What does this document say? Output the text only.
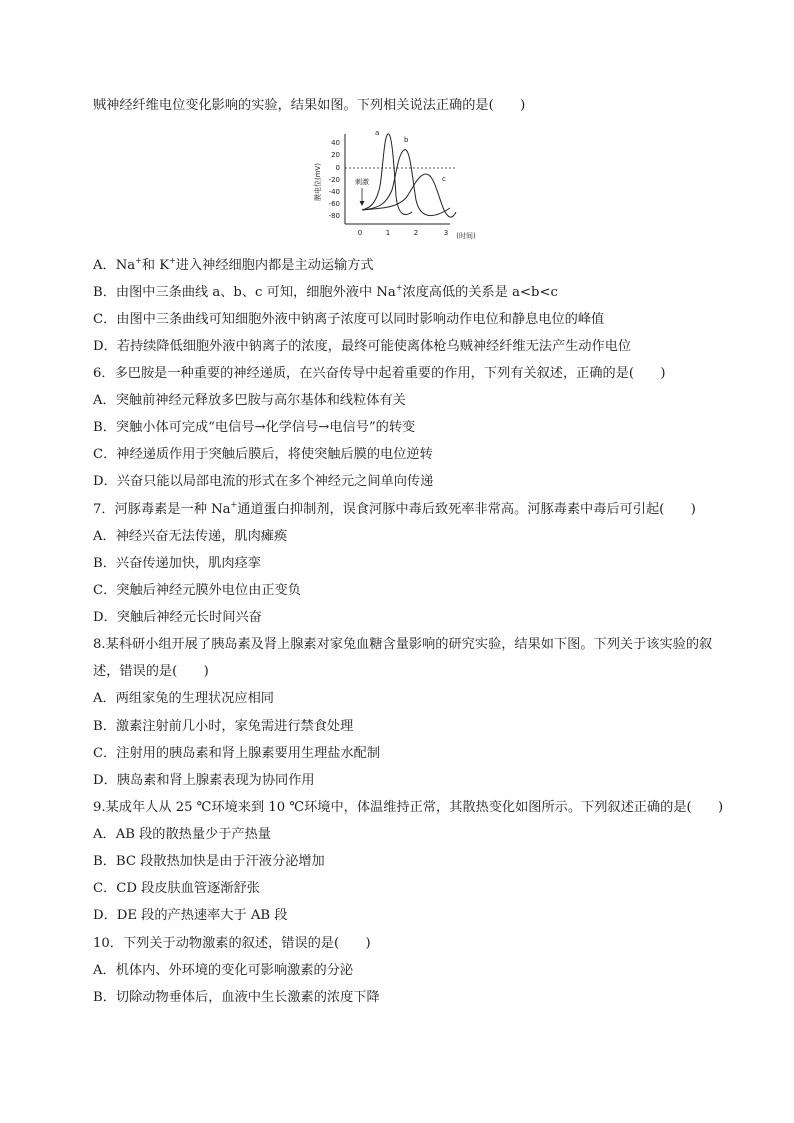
贼神经纤维电位变化影响的实验，结果如图。下列相关说法正确的是(　　)
膜电位(mV)
40
20
0
-20
-40
-60
-80
0	1	2	3 (时间)
刺激
a
b
c
A．Na+和 K+进入神经细胞内都是主动运输方式
B．由图中三条曲线 a、b、c 可知，细胞外液中 Na+浓度高低的关系是 a<b<c
C．由图中三条曲线可知细胞外液中钠离子浓度可以同时影响动作电位和静息电位的峰值
D．若持续降低细胞外液中钠离子的浓度，最终可能使离体枪乌贼神经纤维无法产生动作电位
6．多巴胺是一种重要的神经递质，在兴奋传导中起着重要的作用，下列有关叙述，正确的是(　　)
A．突触前神经元释放多巴胺与高尔基体和线粒体有关
B．突触小体可完成“电信号→化学信号→电信号”的转变
C．神经递质作用于突触后膜后，将使突触后膜的电位逆转
D．兴奋只能以局部电流的形式在多个神经元之间单向传递
7．河豚毒素是一种 Na+通道蛋白抑制剂，误食河豚中毒后致死率非常高。河豚毒素中毒后可引起(　　)
A．神经兴奋无法传递，肌肉瘫痪
B．兴奋传递加快，肌肉痉挛
C．突触后神经元膜外电位由正变负
D．突触后神经元长时间兴奋
8.某科研小组开展了胰岛素及肾上腺素对家兔血糖含量影响的研究实验，结果如下图。下列关于该实验的叙
述，错误的是(　　)
A．两组家兔的生理状况应相同
B．激素注射前几小时，家兔需进行禁食处理
C．注射用的胰岛素和肾上腺素要用生理盐水配制
D．胰岛素和肾上腺素表现为协同作用
9.某成年人从 25 ℃环境来到 10 ℃环境中，体温维持正常，其散热变化如图所示。下列叙述正确的是(　　)
A．AB 段的散热量少于产热量
B．BC 段散热加快是由于汗液分泌增加
C．CD 段皮肤血管逐渐舒张
D．DE 段的产热速率大于 AB 段
10．下列关于动物激素的叙述，错误的是(　　)
A．机体内、外环境的变化可影响激素的分泌
B．切除动物垂体后，血液中生长激素的浓度下降
